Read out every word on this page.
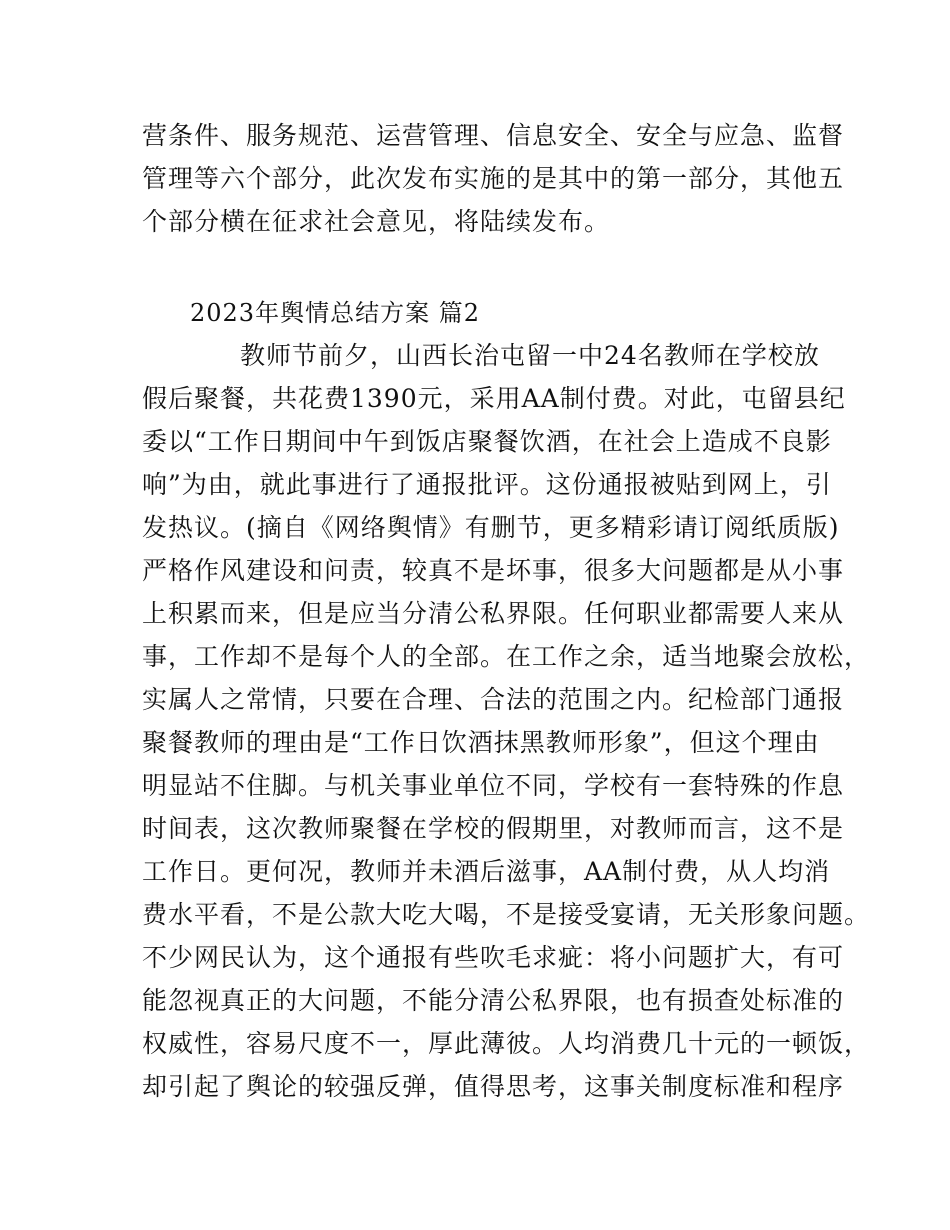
营条件、服务规范、运营管理、信息安全、安全与应急、监督
管理等六个部分，此次发布实施的是其中的第一部分，其他五
个部分横在征求社会意见，将陆续发布。
2023年舆情总结方案 篇2
教师节前夕，山西长治屯留一中24名教师在学校放
假后聚餐，共花费1390元，采用AA制付费。对此，屯留县纪
委以“工作日期间中午到饭店聚餐饮酒，在社会上造成不良影
响”为由，就此事进行了通报批评。这份通报被贴到网上，引
发热议。(摘自《网络舆情》有删节，更多精彩请订阅纸质版)
严格作风建设和问责，较真不是坏事，很多大问题都是从小事
上积累而来，但是应当分清公私界限。任何职业都需要人来从
事，工作却不是每个人的全部。在工作之余，适当地聚会放松，
实属人之常情，只要在合理、合法的范围之内。纪检部门通报
聚餐教师的理由是“工作日饮酒抹黑教师形象”，但这个理由
明显站不住脚。与机关事业单位不同，学校有一套特殊的作息
时间表，这次教师聚餐在学校的假期里，对教师而言，这不是
工作日。更何况，教师并未酒后滋事，AA制付费，从人均消
费水平看，不是公款大吃大喝，不是接受宴请，无关形象问题。
不少网民认为，这个通报有些吹毛求疵：将小问题扩大，有可
能忽视真正的大问题，不能分清公私界限，也有损查处标准的
权威性，容易尺度不一，厚此薄彼。人均消费几十元的一顿饭，
却引起了舆论的较强反弹，值得思考，这事关制度标准和程序
